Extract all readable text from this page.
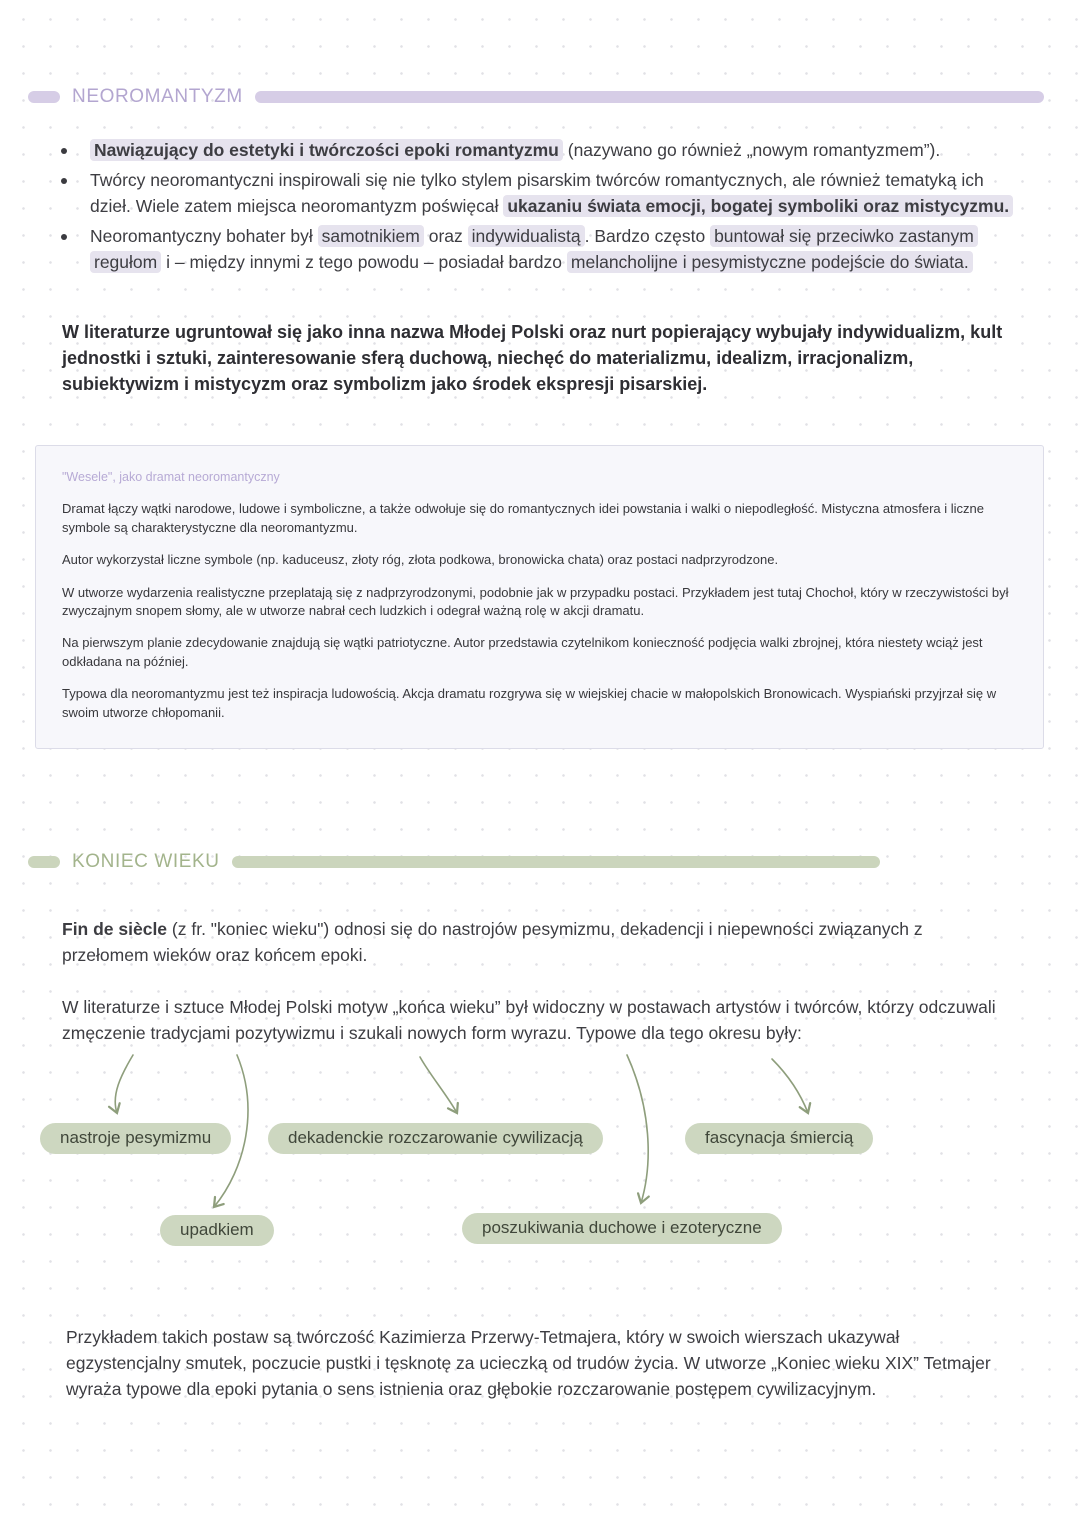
NEOROMANTYZM
Nawiązujący do estetyki i twórczości epoki romantyzmu (nazywano go również „nowym romantyzmem”).
Twórcy neoromantyczni inspirowali się nie tylko stylem pisarskim twórców romantycznych, ale również tematyką ich dzieł. Wiele zatem miejsca neoromantyzm poświęcał ukazaniu świata emocji, bogatej symboliki oraz mistycyzmu.
Neoromantyczny bohater był samotnikiem oraz indywidualistą . Bardzo często buntował się przeciwko zastanym regułom i – między innymi z tego powodu – posiadał bardzo melancholijne i pesymistyczne podejście do świata.

W literaturze ugruntował się jako inna nazwa Młodej Polski oraz nurt popierający wybujały indywidualizm, kult jednostki i sztuki, zainteresowanie sferą duchową, niechęć do materializmu, idealizm, irracjonalizm, subiektywizm i mistycyzm oraz symbolizm jako środek ekspresji pisarskiej.

"Wesele", jako dramat neoromantyczny

Dramat łączy wątki narodowe, ludowe i symboliczne, a także odwołuje się do romantycznych idei powstania i walki o niepodległość. Mistyczna atmosfera i liczne symbole są charakterystyczne dla neoromantyzmu.

Autor wykorzystał liczne symbole (np. kaduceusz, złoty róg, złota podkowa, bronowicka chata) oraz postaci nadprzyrodzone.

W utworze wydarzenia realistyczne przeplatają się z nadprzyrodzonymi, podobnie jak w przypadku postaci. Przykładem jest tutaj Chochoł, który w rzeczywistości był zwyczajnym snopem słomy, ale w utworze nabrał cech ludzkich i odegrał ważną rolę w akcji dramatu.

Na pierwszym planie zdecydowanie znajdują się wątki patriotyczne. Autor przedstawia czytelnikom konieczność podjęcia walki zbrojnej, która niestety wciąż jest odkładana na później.

Typowa dla neoromantyzmu jest też inspiracja ludowością. Akcja dramatu rozgrywa się w wiejskiej chacie w małopolskich Bronowicach. Wyspiański przyjrzał się w swoim utworze chłopomanii.

KONIEC WIEKU

Fin de siècle (z fr. "koniec wieku") odnosi się do nastrojów pesymizmu, dekadencji i niepewności związanych z przełomem wieków oraz końcem epoki.

W literaturze i sztuce Młodej Polski motyw „końca wieku” był widoczny w postawach artystów i twórców, którzy odczuwali zmęczenie tradycjami pozytywizmu i szukali nowych form wyrazu. Typowe dla tego okresu były:

nastroje pesymizmu	dekadenckie rozczarowanie cywilizacją	fascynacja śmiercią
upadkiem	poszukiwania duchowe i ezoteryczne

Przykładem takich postaw są twórczość Kazimierza Przerwy-Tetmajera, który w swoich wierszach ukazywał egzystencjalny smutek, poczucie pustki i tęsknotę za ucieczką od trudów życia. W utworze „Koniec wieku XIX” Tetmajer wyraża typowe dla epoki pytania o sens istnienia oraz głębokie rozczarowanie postępem cywilizacyjnym.
